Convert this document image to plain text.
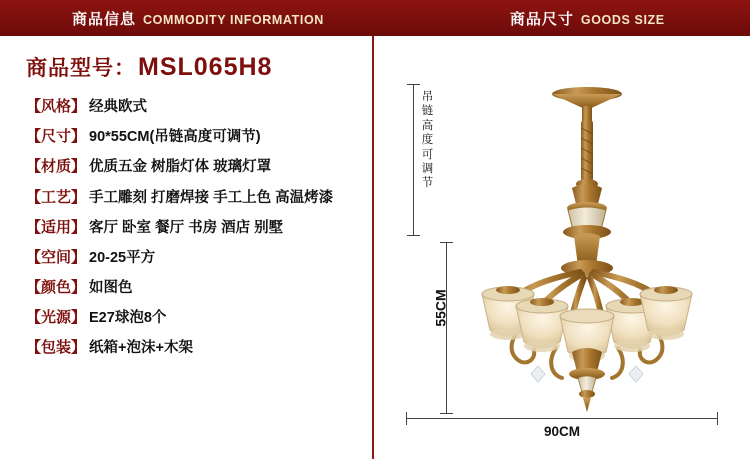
商品信息 COMMODITY INFORMATION	商品尺寸 GOODS SIZE
商品型号： MSL065H8
【风格】 经典欧式
【尺寸】 90*55CM(吊链高度可调节)
【材质】 优质五金 树脂灯体 玻璃灯罩
【工艺】 手工雕刻 打磨焊接 手工上色 高温烤漆
【适用】 客厅 卧室 餐厅 书房 酒店 别墅
【空间】 20-25平方
【颜色】 如图色
【光源】 E27球泡8个
【包装】 纸箱+泡沫+木架
吊链高度可调节
55CM
90CM
